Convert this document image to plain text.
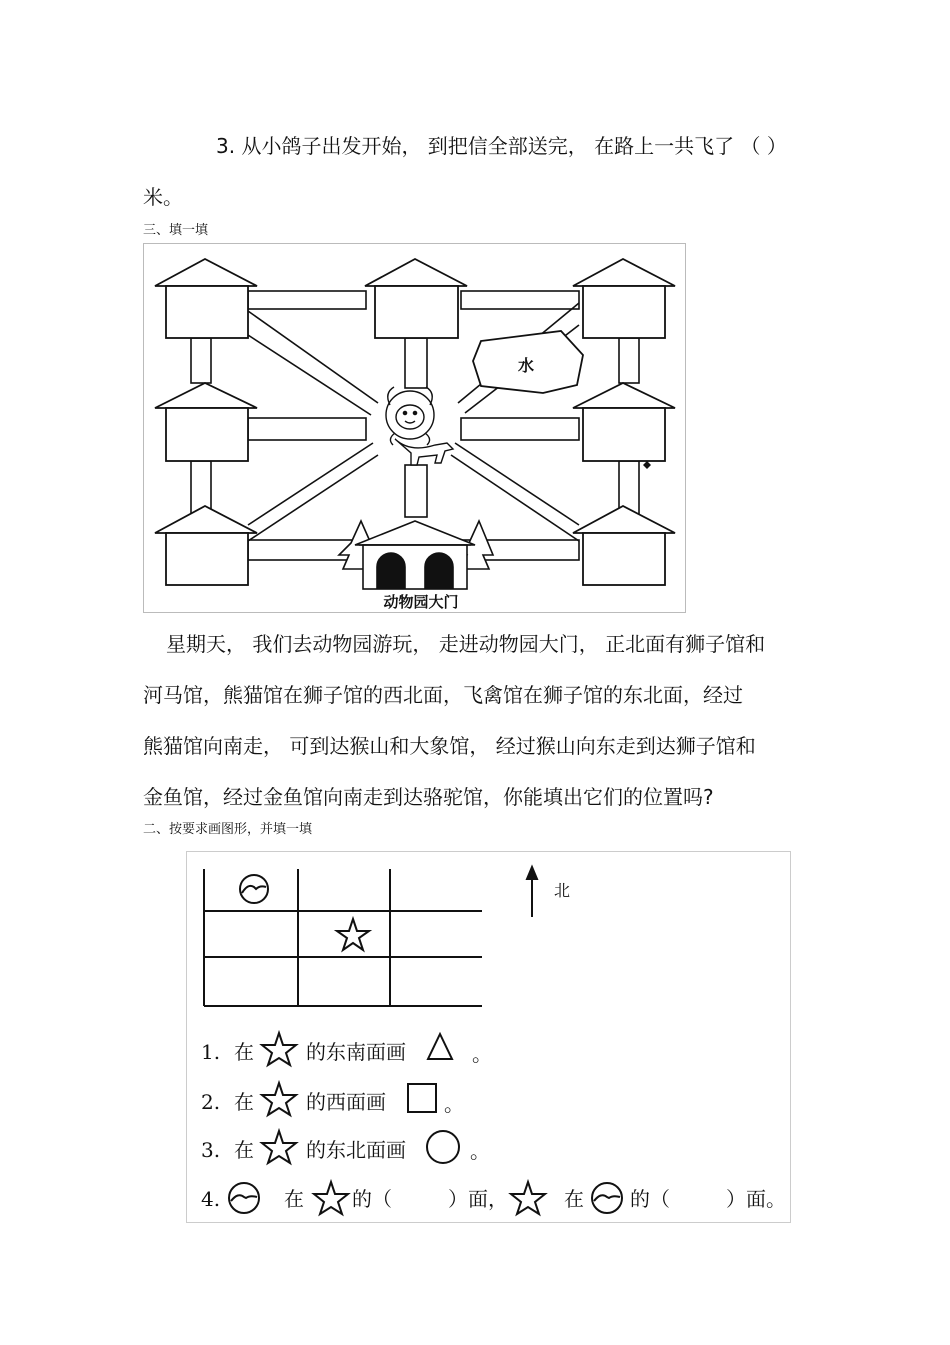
3. 从小鸽子出发开始， 到把信全部送完， 在路上一共飞了 （ ）
米。
三、填一填
水
动物园大门
星期天， 我们去动物园游玩， 走进动物园大门， 正北面有狮子馆和
河马馆，熊猫馆在狮子馆的西北面，飞禽馆在狮子馆的东北面，经过
熊猫馆向南走， 可到达猴山和大象馆， 经过猴山向东走到达狮子馆和
金鱼馆，经过金鱼馆向南走到达骆驼馆，你能填出它们的位置吗?
二、按要求画图形，并填一填
北
1. 在	的东南面画	。
2. 在	的西面画	。
3. 在	的东北面画	。
4.	在 的（	）面，	在 的（	）面。
